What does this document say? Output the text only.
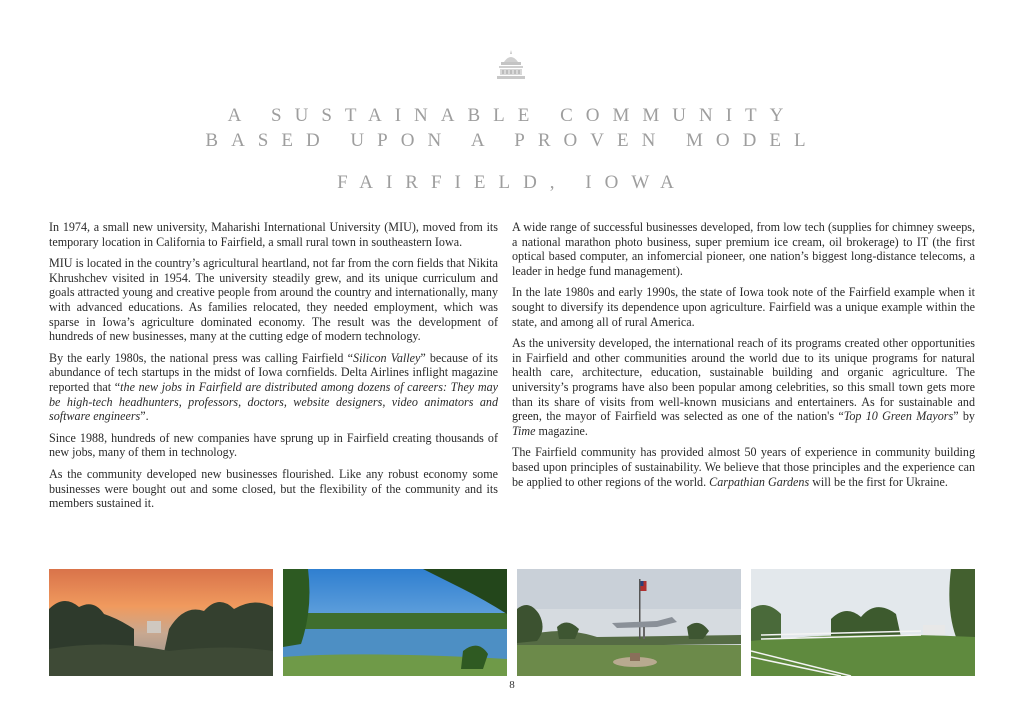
A SUSTAINABLE COMMUNITY
BASED UPON A PROVEN MODEL
FAIRFIELD, IOWA

In 1974, a small new university, Maharishi International University (MIU), moved from its temporary location in California to Fairfield, a small rural town in southeastern Iowa.

MIU is located in the country’s agricultural heartland, not far from the corn fields that Nikita Khrushchev visited in 1954. The university steadily grew, and its unique curriculum and goals attracted young and creative people from around the country and internationally, many with advanced educations. As families relocated, they needed employment, which was sparse in Iowa’s agriculture dominated economy. The result was the development of hundreds of new businesses, many at the cutting edge of modern technology.

By the early 1980s, the national press was calling Fairfield “Silicon Valley” because of its abundance of tech startups in the midst of Iowa cornfields. Delta Airlines inflight magazine reported that “the new jobs in Fairfield are distributed among dozens of careers: They may be high-tech headhunters, professors, doctors, website designers, video animators and software engineers”.

Since 1988, hundreds of new companies have sprung up in Fairfield creating thousands of new jobs, many of them in technology.

As the community developed new businesses flourished. Like any robust economy some businesses were bought out and some closed, but the flexibility of the community and its members sustained it.

A wide range of successful businesses developed, from low tech (supplies for chimney sweeps, a national marathon photo business, super premium ice cream, oil brokerage) to IT (the first optical based computer, an infomercial pioneer, one nation’s biggest long-distance telecoms, a leader in hedge fund management).

In the late 1980s and early 1990s, the state of Iowa took note of the Fairfield example when it sought to diversify its dependence upon agriculture. Fairfield was a unique example within the state, and among all of rural America.

As the university developed, the international reach of its programs created other opportunities in Fairfield and other communities around the world due to its unique programs for natural health care, architecture, education, sustainable building and organic agriculture. The university’s programs have also been popular among celebrities, so this small town gets more than its share of visits from well-known musicians and entertainers. As for sustainable and green, the mayor of Fairfield was selected as one of the nation's “Top 10 Green Mayors” by Time magazine.

The Fairfield community has provided almost 50 years of experience in community building based upon principles of sustainability. We believe that those principles and the experience can be applied to other regions of the world. Carpathian Gardens will be the first for Ukraine.

8
